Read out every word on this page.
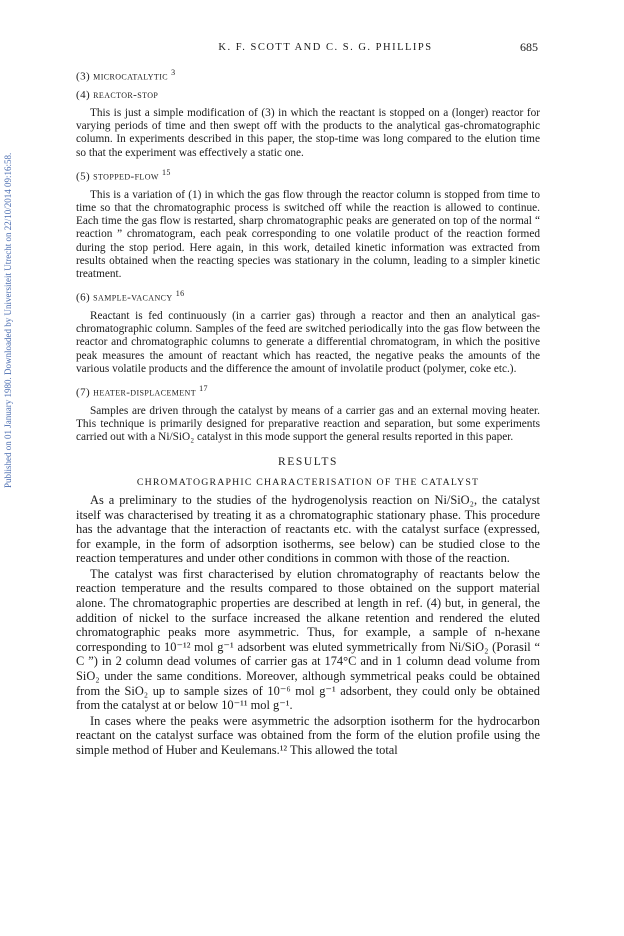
Published on 01 January 1980. Downloaded by Universiteit Utrecht on 22/10/2014 09:16:58.
K. F. SCOTT AND C. S. G. PHILLIPS	685
(3) microcatalytic $^3$
(4) reactor-stop

This is just a simple modification of (3) in which the reactant is stopped on a (longer) reactor for varying periods of time and then swept off with the products to the analytical gas-chromatographic column. In experiments described in this paper, the stop-time was long compared to the elution time so that the experiment was effectively a static one.

(5) stopped-flow $^{15}$

This is a variation of (1) in which the gas flow through the reactor column is stopped from time to time so that the chromatographic process is switched off while the reaction is allowed to continue. Each time the gas flow is restarted, sharp chromatographic peaks are generated on top of the normal “ reaction ” chromatogram, each peak corresponding to one volatile product of the reaction formed during the stop period. Here again, in this work, detailed kinetic information was extracted from results obtained when the reacting species was stationary in the column, leading to a simpler kinetic treatment.

(6) sample-vacancy $^{16}$

Reactant is fed continuously (in a carrier gas) through a reactor and then an analytical gas-chromatographic column. Samples of the feed are switched periodically into the gas flow between the reactor and chromatographic columns to generate a differential chromatogram, in which the positive peak measures the amount of reactant which has reacted, the negative peaks the amounts of the various volatile products and the difference the amount of involatile product (polymer, coke etc.).

(7) heater-displacement $^{17}$

Samples are driven through the catalyst by means of a carrier gas and an external moving heater. This technique is primarily designed for preparative reaction and separation, but some experiments carried out with a Ni/SiO₂ catalyst in this mode support the general results reported in this paper.

RESULTS
CHROMATOGRAPHIC CHARACTERISATION OF THE CATALYST

As a preliminary to the studies of the hydrogenolysis reaction on Ni/SiO₂, the catalyst itself was characterised by treating it as a chromatographic stationary phase. This procedure has the advantage that the interaction of reactants etc. with the catalyst surface (expressed, for example, in the form of adsorption isotherms, see below) can be studied close to the reaction temperatures and under other conditions in common with those of the reaction.

The catalyst was first characterised by elution chromatography of reactants below the reaction temperature and the results compared to those obtained on the support material alone. The chromatographic properties are described at length in ref. (4) but, in general, the addition of nickel to the surface increased the alkane retention and rendered the eluted chromatographic peaks more asymmetric. Thus, for example, a sample of n-hexane corresponding to 10⁻¹² mol g⁻¹ adsorbent was eluted symmetrically from Ni/SiO₂ (Porasil “ C ”) in 2 column dead volumes of carrier gas at 174°C and in 1 column dead volume from SiO₂ under the same conditions. Moreover, although symmetrical peaks could be obtained from the SiO₂ up to sample sizes of 10⁻⁶ mol g⁻¹ adsorbent, they could only be obtained from the catalyst at or below 10⁻¹¹ mol g⁻¹.

In cases where the peaks were asymmetric the adsorption isotherm for the hydrocarbon reactant on the catalyst surface was obtained from the form of the elution profile using the simple method of Huber and Keulemans.¹² This allowed the total
